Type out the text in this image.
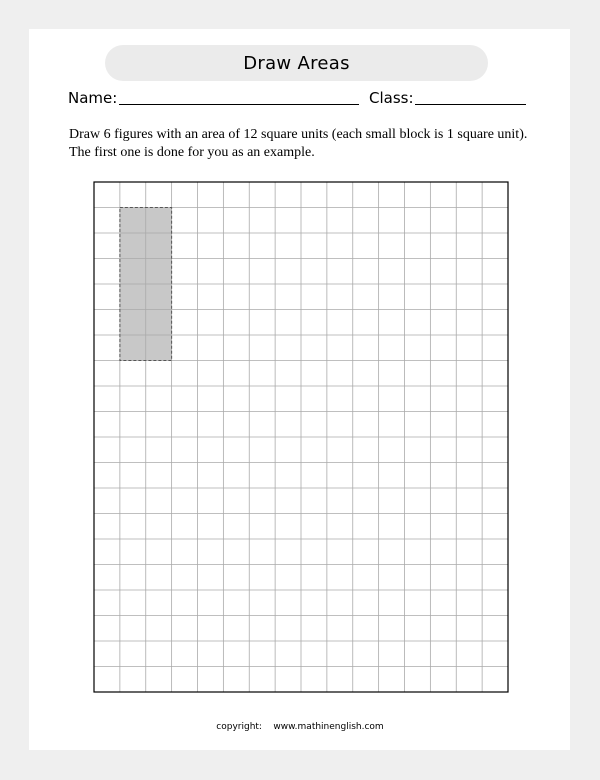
Draw Areas
Name:	Class:
Draw 6 figures with an area of 12 square units (each small block is 1 square unit).
The first one is done for you as an example.
copyright: www.mathinenglish.com
